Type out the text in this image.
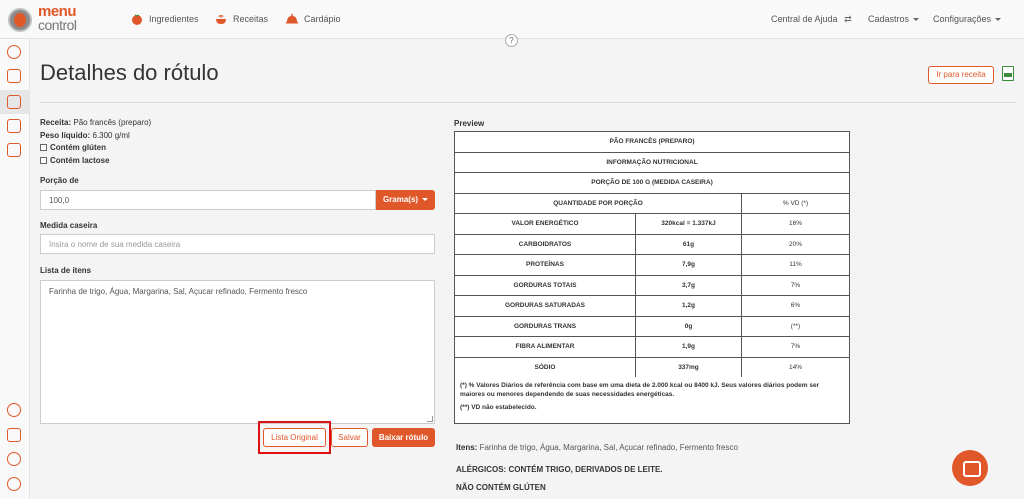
menu
control	Ingredientes	Receitas	Cardápio	Central de Ajuda ⇄ Cadastros	Configurações
?
Detalhes do rótulo	Ir para receita
Receita: Pão francês (preparo)
Peso líquido: 6.300 g/ml
Contém glúten
Contém lactose
Porção de
100,0	Grama(s)
Medida caseira
Insira o nome de sua medida caseira
Lista de itens
Farinha de trigo, Água, Margarina, Sal, Açucar refinado, Fermento fresco
Lista Original	Salvar	Baixar rótulo
Preview
PÃO FRANCÊS (PREPARO)		
INFORMAÇÃO NUTRICIONAL		
PORÇÃO DE 100 G (MEDIDA CASEIRA)		
QUANTIDADE POR PORÇÃO		% VD (*)
VALOR ENERGÉTICO	320kcal = 1.337kJ	16%
CARBOIDRATOS	61g	20%
PROTEÍNAS	7,9g	11%
GORDURAS TOTAIS	3,7g	7%
GORDURAS SATURADAS	1,2g	6%
GORDURAS TRANS	0g	(**)
FIBRA ALIMENTAR	1,9g	7%
SÓDIO	337mg	14%
(*) % Valores Diários de referência com base em uma dieta de 2.000 kcal ou 8400 kJ. Seus valores diários podem ser maiores ou menores dependendo de suas necessidades energéticas.
(**) VD não estabelecido.
Itens: Farinha de trigo, Água, Margarina, Sal, Açucar refinado, Fermento fresco
ALÉRGICOS: CONTÉM TRIGO, DERIVADOS DE LEITE.
NÃO CONTÉM GLÚTEN
